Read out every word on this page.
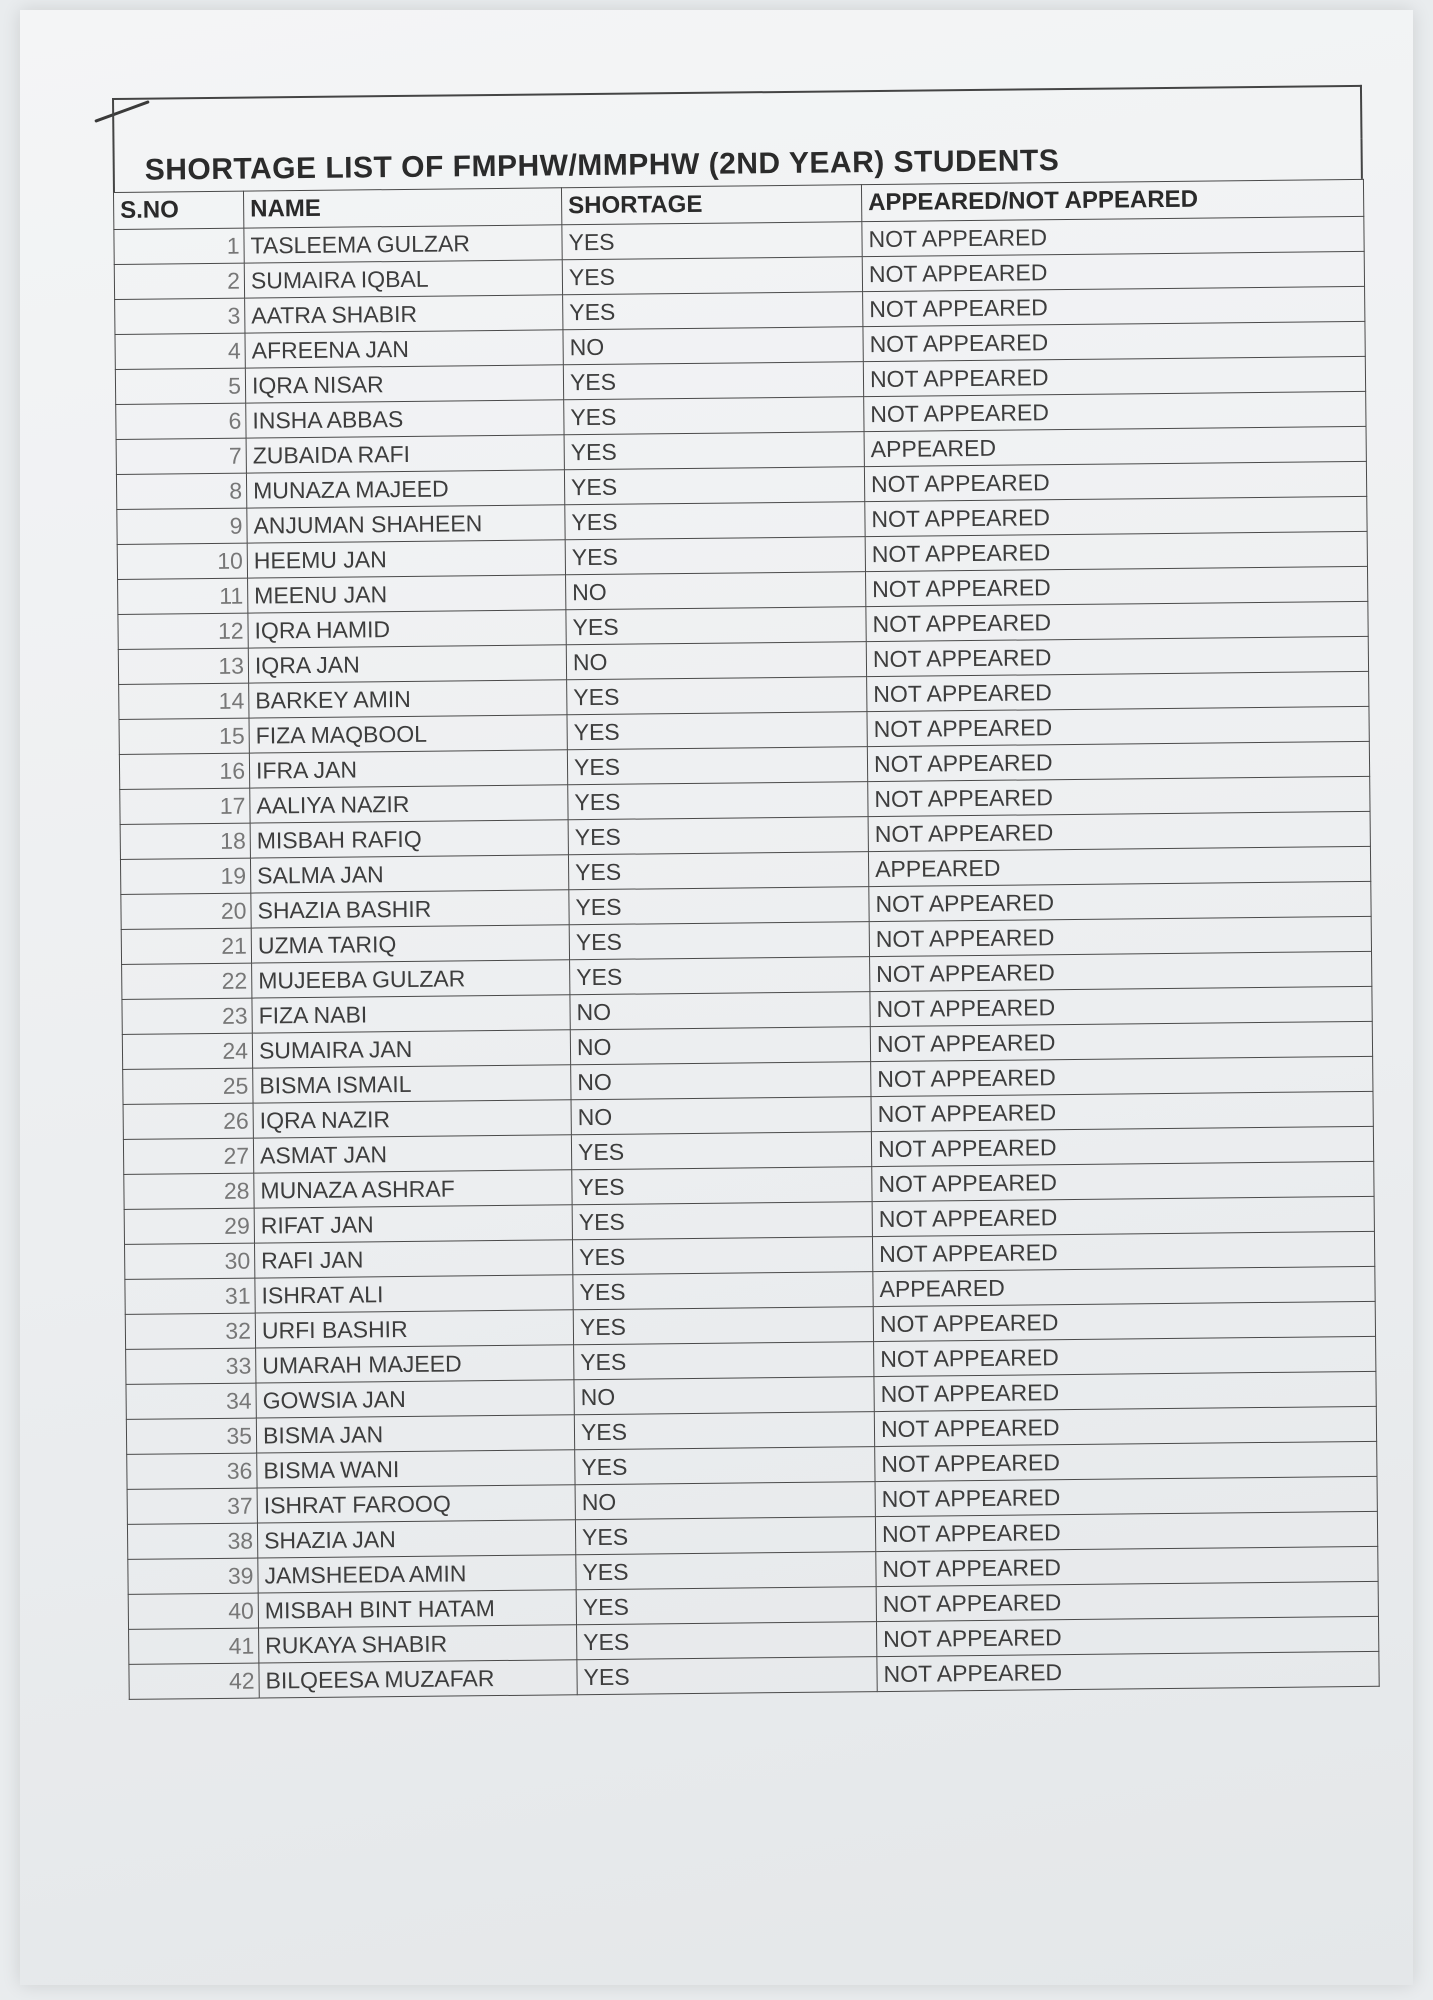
SHORTAGE LIST OF FMPHW/MMPHW (2ND YEAR) STUDENTS
S.NO	NAME	SHORTAGE	APPEARED/NOT APPEARED
1	TASLEEMA GULZAR	YES	NOT APPEARED
2	SUMAIRA IQBAL	YES	NOT APPEARED
3	AATRA SHABIR	YES	NOT APPEARED
4	AFREENA JAN	NO	NOT APPEARED
5	IQRA NISAR	YES	NOT APPEARED
6	INSHA ABBAS	YES	NOT APPEARED
7	ZUBAIDA RAFI	YES	APPEARED
8	MUNAZA MAJEED	YES	NOT APPEARED
9	ANJUMAN SHAHEEN	YES	NOT APPEARED
10	HEEMU JAN	YES	NOT APPEARED
11	MEENU JAN	NO	NOT APPEARED
12	IQRA HAMID	YES	NOT APPEARED
13	IQRA JAN	NO	NOT APPEARED
14	BARKEY AMIN	YES	NOT APPEARED
15	FIZA MAQBOOL	YES	NOT APPEARED
16	IFRA JAN	YES	NOT APPEARED
17	AALIYA NAZIR	YES	NOT APPEARED
18	MISBAH RAFIQ	YES	NOT APPEARED
19	SALMA JAN	YES	APPEARED
20	SHAZIA BASHIR	YES	NOT APPEARED
21	UZMA TARIQ	YES	NOT APPEARED
22	MUJEEBA GULZAR	YES	NOT APPEARED
23	FIZA NABI	NO	NOT APPEARED
24	SUMAIRA JAN	NO	NOT APPEARED
25	BISMA ISMAIL	NO	NOT APPEARED
26	IQRA NAZIR	NO	NOT APPEARED
27	ASMAT JAN	YES	NOT APPEARED
28	MUNAZA ASHRAF	YES	NOT APPEARED
29	RIFAT JAN	YES	NOT APPEARED
30	RAFI JAN	YES	NOT APPEARED
31	ISHRAT ALI	YES	APPEARED
32	URFI BASHIR	YES	NOT APPEARED
33	UMARAH MAJEED	YES	NOT APPEARED
34	GOWSIA JAN	NO	NOT APPEARED
35	BISMA JAN	YES	NOT APPEARED
36	BISMA WANI	YES	NOT APPEARED
37	ISHRAT FAROOQ	NO	NOT APPEARED
38	SHAZIA JAN	YES	NOT APPEARED
39	JAMSHEEDA AMIN	YES	NOT APPEARED
40	MISBAH BINT HATAM	YES	NOT APPEARED
41	RUKAYA SHABIR	YES	NOT APPEARED
42	BILQEESA MUZAFAR	YES	NOT APPEARED
